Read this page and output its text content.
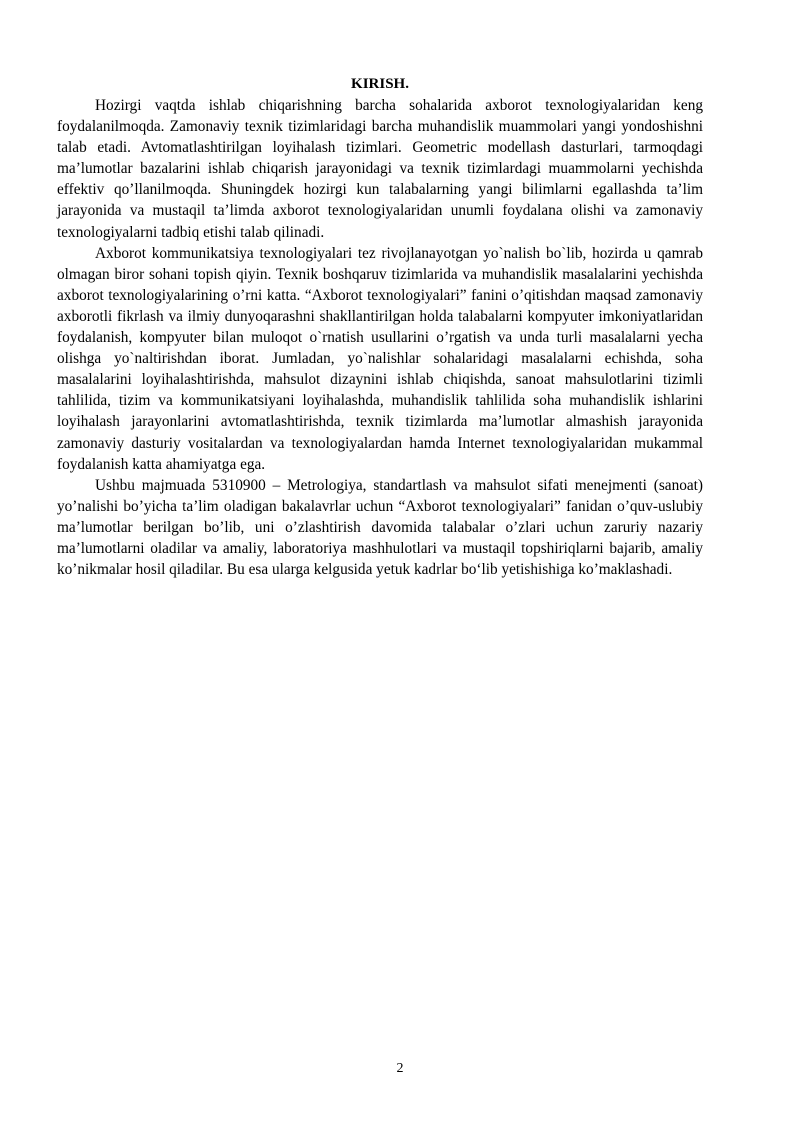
KIRISH.

Hozirgi vaqtda ishlab chiqarishning barcha sohalarida axborot texnologiyalaridan keng foydalanilmoqda. Zamonaviy texnik tizimlaridagi barcha muhandislik muammolari yangi yondoshishni talab etadi. Avtomatlashtirilgan loyihalash tizimlari. Geometric modellash dasturlari, tarmoqdagi ma’lumotlar bazalarini ishlab chiqarish jarayonidagi va texnik tizimlardagi muammolarni yechishda effektiv qo’llanilmoqda. Shuningdek hozirgi kun talabalarning yangi bilimlarni egallashda ta’lim jarayonida va mustaqil ta’limda axborot texnologiyalaridan unumli foydalana olishi va zamonaviy texnologiyalarni tadbiq etishi talab qilinadi.

Axborot kommunikatsiya texnologiyalari tez rivojlanayotgan yo`nalish bo`lib, hozirda u qamrab olmagan biror sohani topish qiyin. Texnik boshqaruv tizimlarida va muhandislik masalalarini yechishda axborot texnologiyalarining o’rni katta. “Axborot texnologiyalari” fanini o’qitishdan maqsad zamonaviy axborotli fikrlash va ilmiy dunyoqarashni shakllantirilgan holda talabalarni kompyuter imkoniyatlaridan foydalanish, kompyuter bilan muloqot o`rnatish usullarini o’rgatish va unda turli masalalarni yecha olishga yo`naltirishdan iborat. Jumladan, yo`nalishlar sohalaridagi masalalarni echishda, soha masalalarini loyihalashtirishda, mahsulot dizaynini ishlab chiqishda, sanoat mahsulotlarini tizimli tahlilida, tizim va kommunikatsiyani loyihalashda, muhandislik tahlilida soha muhandislik ishlarini loyihalash jarayonlarini avtomatlashtirishda, texnik tizimlarda ma’lumotlar almashish jarayonida zamonaviy dasturiy vositalardan va texnologiyalardan hamda Internet texnologiyalaridan mukammal foydalanish katta ahamiyatga ega.

Ushbu majmuada 5310900 – Metrologiya, standartlash va mahsulot sifati menejmenti (sanoat) yo’nalishi bo’yicha ta’lim oladigan bakalavrlar uchun “Axborot texnologiyalari” fanidan o’quv-uslubiy ma’lumotlar berilgan bo’lib, uni o’zlashtirish davomida talabalar o’zlari uchun zaruriy nazariy ma’lumotlarni oladilar va amaliy, laboratoriya mashhulotlari va mustaqil topshiriqlarni bajarib, amaliy ko’nikmalar hosil qiladilar. Bu esa ularga kelgusida yetuk kadrlar bo‘lib yetishishiga ko’maklashadi.

2
